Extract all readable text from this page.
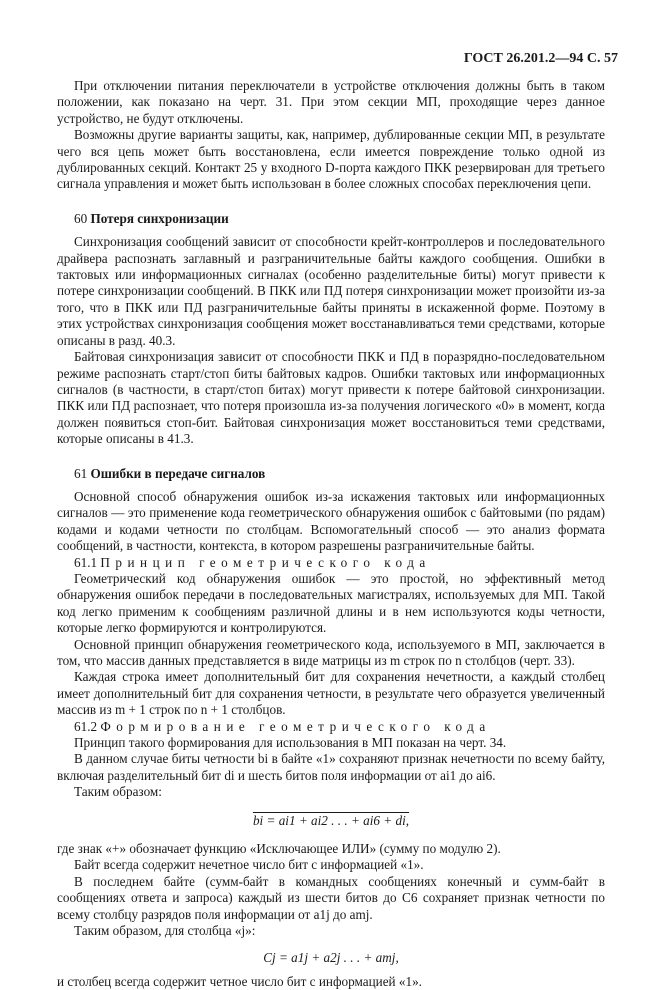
ГОСТ 26.201.2—94 С. 57

При отключении питания переключатели в устройстве отключения должны быть в таком положении, как показано на черт. 31. При этом секции МП, проходящие через данное устройство, не будут отключены.

Возможны другие варианты защиты, как, например, дублированные секции МП, в результате чего вся цепь может быть восстановлена, если имеется повреждение только одной из дублированных секций. Контакт 25 у входного D-порта каждого ПКК резервирован для третьего сигнала управления и может быть использован в более сложных способах переключения цепи.

60 Потеря синхронизации

Синхронизация сообщений зависит от способности крейт-контроллеров и последовательного драйвера распознать заглавный и разграничительные байты каждого сообщения. Ошибки в тактовых или информационных сигналах (особенно разделительные биты) могут привести к потере синхронизации сообщений. В ПКК или ПД потеря синхронизации может произойти из-за того, что в ПКК или ПД разграничительные байты приняты в искаженной форме. Поэтому в этих устройствах синхронизация сообщения может восстанавливаться теми средствами, которые описаны в разд. 40.3.

Байтовая синхронизация зависит от способности ПКК и ПД в поразрядно-последовательном режиме распознать старт/стоп биты байтовых кадров. Ошибки тактовых или информационных сигналов (в частности, в старт/стоп битах) могут привести к потере байтовой синхронизации. ПКК или ПД распознает, что потеря произошла из-за получения логического «0» в момент, когда должен появиться стоп-бит. Байтовая синхронизация может восстановиться теми средствами, которые описаны в 41.3.

61 Ошибки в передаче сигналов

Основной способ обнаружения ошибок из-за искажения тактовых или информационных сигналов — это применение кода геометрического обнаружения ошибок с байтовыми (по рядам) кодами и кодами четности по столбцам. Вспомогательный способ — это анализ формата сообщений, в частности, контекста, в котором разрешены разграничительные байты.

61.1 Принцип геометрического кода

Геометрический код обнаружения ошибок — это простой, но эффективный метод обнаружения ошибок передачи в последовательных магистралях, используемых для МП. Такой код легко применим к сообщениям различной длины и в нем используются коды четности, которые легко формируются и контролируются.

Основной принцип обнаружения геометрического кода, используемого в МП, заключается в том, что массив данных представляется в виде матрицы из m строк по n столбцов (черт. 33).

Каждая строка имеет дополнительный бит для сохранения нечетности, а каждый столбец имеет дополнительный бит для сохранения четности, в результате чего образуется увеличенный массив из m + 1 строк по n + 1 столбцов.

61.2 Формирование геометрического кода

Принцип такого формирования для использования в МП показан на черт. 34.

В данном случае биты четности bi в байте «1» сохраняют признак нечетности по всему байту, включая разделительный бит di и шесть битов поля информации от ai1 до ai6.

Таким образом:

bi = ai1 + ai2 . . . + ai6 + di,

где знак «+» обозначает функцию «Исключающее ИЛИ» (сумму по модулю 2).

Байт всегда содержит нечетное число бит с информацией «1».

В последнем байте (сумм-байт в командных сообщениях конечный и сумм-байт в сообщениях ответа и запроса) каждый из шести битов до С6 сохраняет признак четности по всему столбцу разрядов поля информации от a1j до amj.

Таким образом, для столбца «j»:

Cj = a1j + a2j . . . + amj,

и столбец всегда содержит четное число бит с информацией «1».
